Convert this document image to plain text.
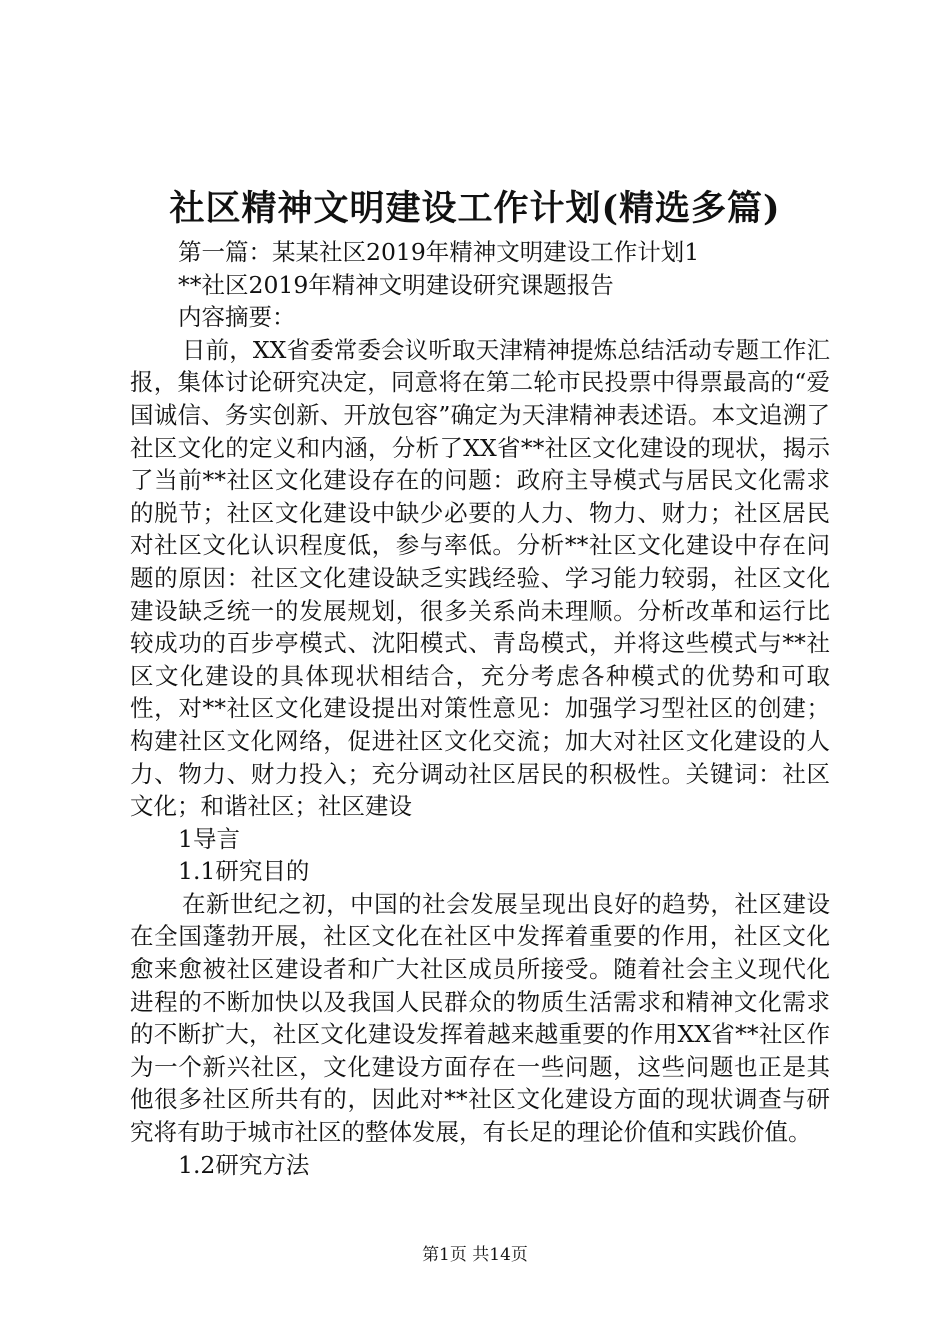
社区精神文明建设工作计划(精选多篇)

第一篇：某某社区2019年精神文明建设工作计划1

**社区2019年精神文明建设研究课题报告

内容摘要：

日前，XX省委常委会议听取天津精神提炼总结活动专题工作汇报，集体讨论研究决定，同意将在第二轮市民投票中得票最高的“爱国诚信、务实创新、开放包容”确定为天津精神表述语。本文追溯了社区文化的定义和内涵，分析了XX省**社区文化建设的现状，揭示了当前**社区文化建设存在的问题：政府主导模式与居民文化需求的脱节；社区文化建设中缺少必要的人力、物力、财力；社区居民对社区文化认识程度低，参与率低。分析**社区文化建设中存在问题的原因：社区文化建设缺乏实践经验、学习能力较弱，社区文化建设缺乏统一的发展规划，很多关系尚未理顺。分析改革和运行比较成功的百步亭模式、沈阳模式、青岛模式，并将这些模式与**社区文化建设的具体现状相结合，充分考虑各种模式的优势和可取性，对**社区文化建设提出对策性意见：加强学习型社区的创建；构建社区文化网络，促进社区文化交流；加大对社区文化建设的人力、物力、财力投入；充分调动社区居民的积极性。关键词：社区文化；和谐社区；社区建设

1导言

1.1研究目的

在新世纪之初，中国的社会发展呈现出良好的趋势，社区建设在全国蓬勃开展，社区文化在社区中发挥着重要的作用，社区文化愈来愈被社区建设者和广大社区成员所接受。随着社会主义现代化进程的不断加快以及我国人民群众的物质生活需求和精神文化需求的不断扩大，社区文化建设发挥着越来越重要的作用XX省**社区作为一个新兴社区，文化建设方面存在一些问题，这些问题也正是其他很多社区所共有的，因此对**社区文化建设方面的现状调查与研究将有助于城市社区的整体发展，有长足的理论价值和实践价值。

1.2研究方法

第1页 共14页
